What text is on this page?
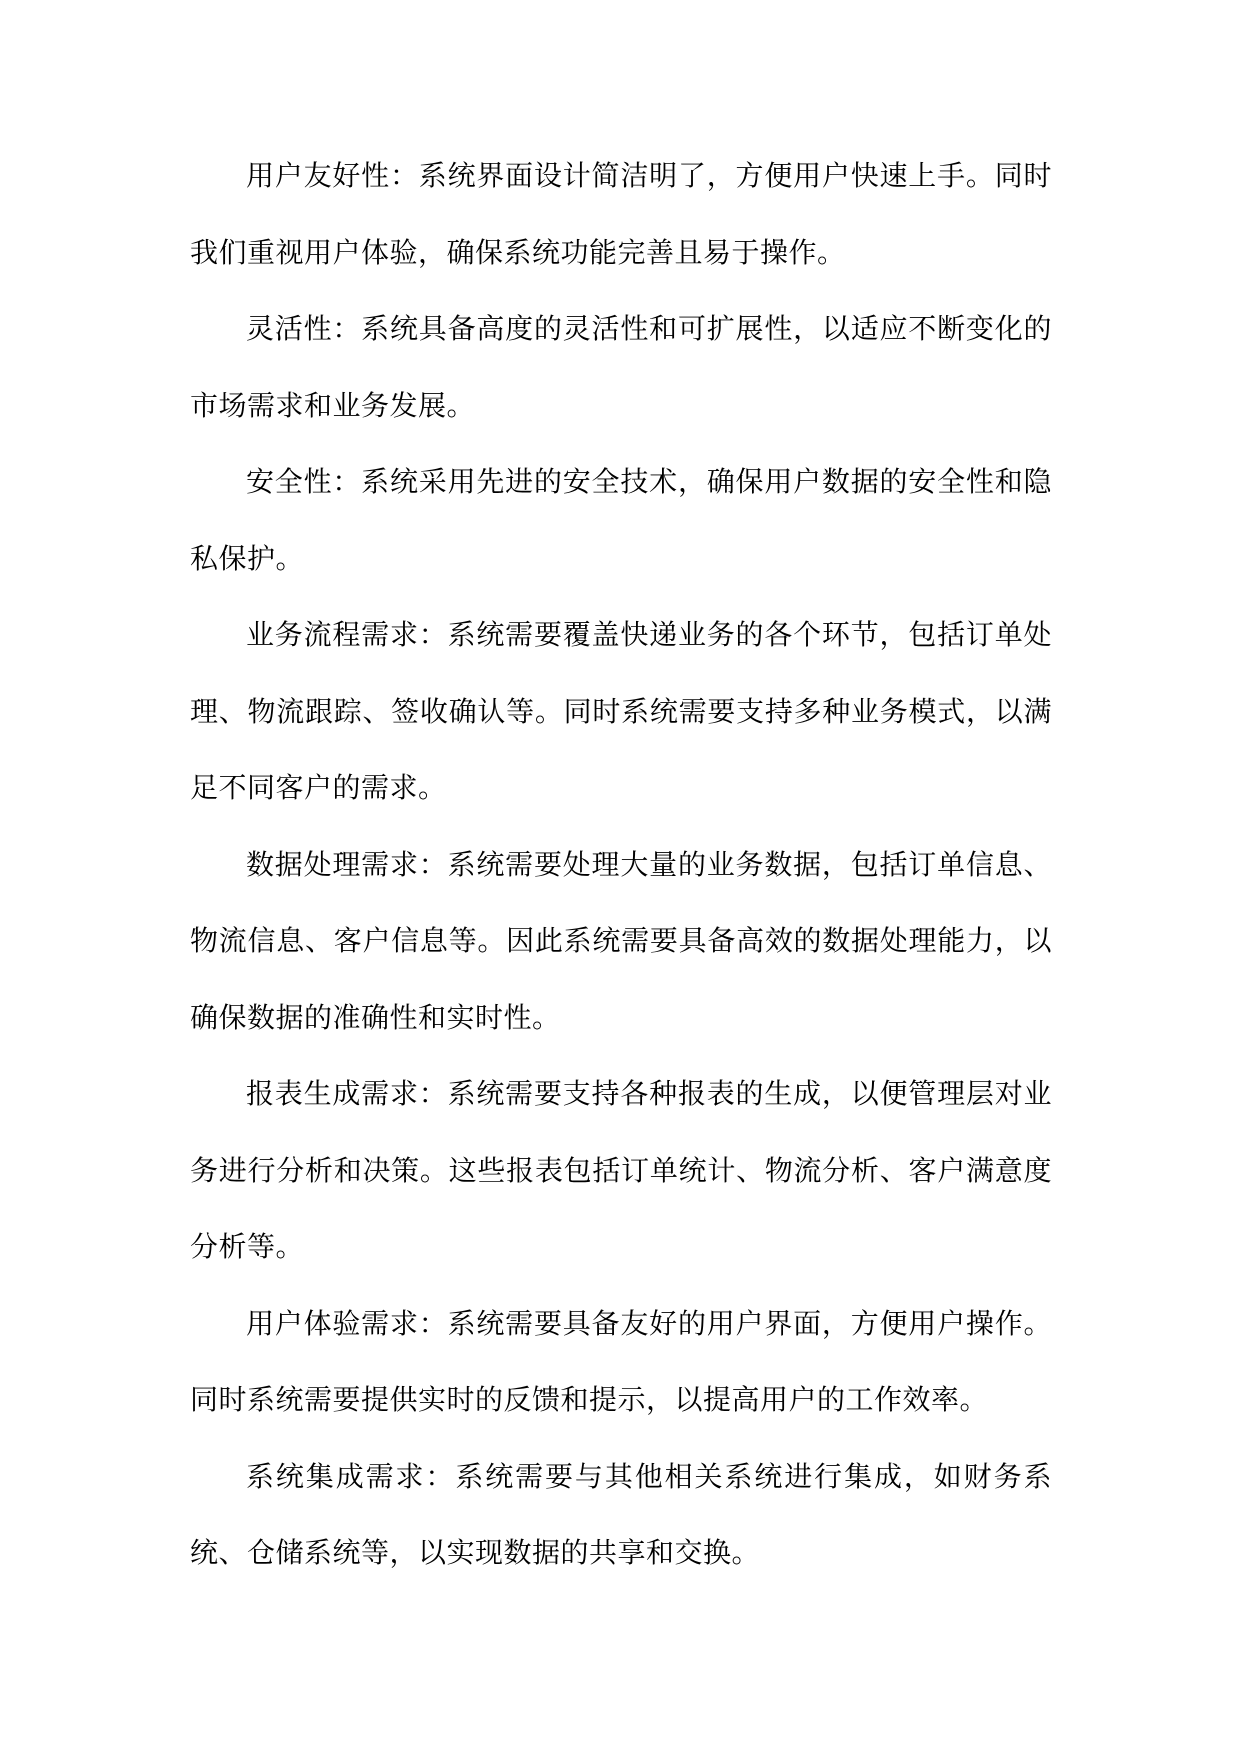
用户友好性：系统界面设计简洁明了，方便用户快速上手。同时我们重视用户体验，确保系统功能完善且易于操作。

灵活性：系统具备高度的灵活性和可扩展性，以适应不断变化的市场需求和业务发展。

安全性：系统采用先进的安全技术，确保用户数据的安全性和隐私保护。

业务流程需求：系统需要覆盖快递业务的各个环节，包括订单处理、物流跟踪、签收确认等。同时系统需要支持多种业务模式，以满足不同客户的需求。

数据处理需求：系统需要处理大量的业务数据，包括订单信息、物流信息、客户信息等。因此系统需要具备高效的数据处理能力，以确保数据的准确性和实时性。

报表生成需求：系统需要支持各种报表的生成，以便管理层对业务进行分析和决策。这些报表包括订单统计、物流分析、客户满意度分析等。

用户体验需求：系统需要具备友好的用户界面，方便用户操作。同时系统需要提供实时的反馈和提示，以提高用户的工作效率。

系统集成需求：系统需要与其他相关系统进行集成，如财务系统、仓储系统等，以实现数据的共享和交换。
